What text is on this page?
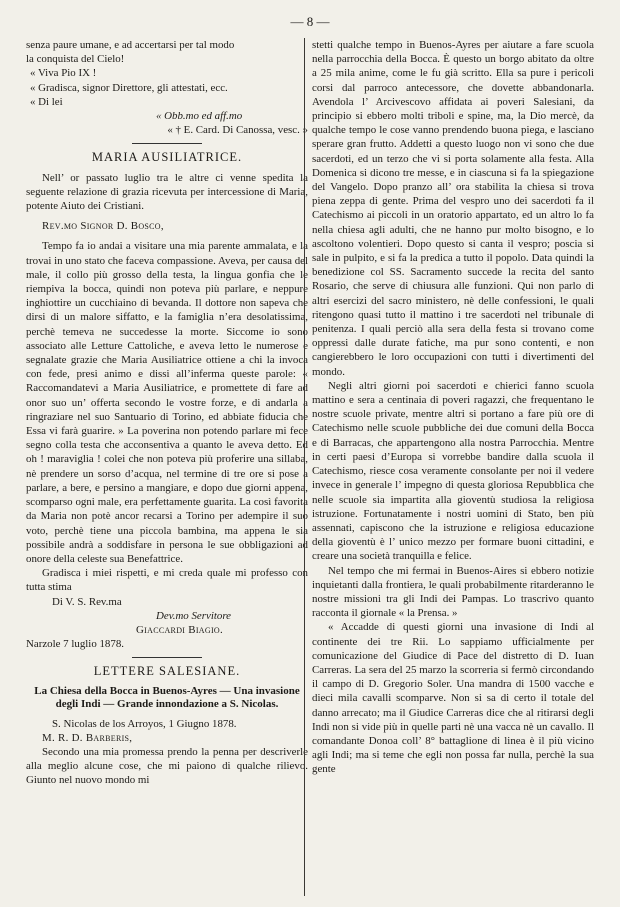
— 8 —

senza paure umane, e ad accertarsi per tal modo

la conquista del Cielo!

« Viva Pio IX !

« Gradisca, signor Direttore, gli attestati, ecc.

« Di lei

« Obb.mo ed aff.mo

« † E. Card. Di Canossa, vesc. »

MARIA AUSILIATRICE.

Nell’ or passato luglio tra le altre ci venne spedita la seguente relazione di grazia ricevuta per intercessione di Maria, potente Aiuto dei Cristiani.

Rev.mo Signor D. Bosco,

Tempo fa io andai a visitare una mia parente ammalata, e la trovai in uno stato che faceva compassione. Aveva, per causa del male, il collo più grosso della testa, la lingua gonfia che le riempiva la bocca, quindi non poteva più parlare, e neppure inghiottire un cucchiaino di bevanda. Il dottore non sapeva che dirsi di un malore siffatto, e la famiglia n’era desolatissima, perchè temeva ne succedesse la morte. Siccome io sono associato alle Letture Cattoliche, e aveva letto le numerose e segnalate grazie che Maria Ausiliatrice ottiene a chi la invoca con fede, presi animo e dissi all’inferma queste parole: « Raccomandatevi a Maria Ausiliatrice, e promettete di fare ad onor suo un’ offerta secondo le vostre forze, e di andarla a ringraziare nel suo Santuario di Torino, ed abbiate fiducia che Essa vi farà guarire. » La poverina non potendo parlare mi fece segno colla testa che acconsentiva a quanto le aveva detto. Ed oh ! maraviglia ! colei che non poteva più proferire una sillaba, nè prendere un sorso d’acqua, nel termine di tre ore si pose a parlare, a bere, e persino a mangiare, e dopo due giorni appena, scomparso ogni male, era perfettamente guarita. La così favorita da Maria non potè ancor recarsi a Torino per adempire il suo voto, perchè tiene una piccola bambina, ma appena le sia possibile andrà a soddisfare in persona le sue obbligazioni ad onore della celeste sua Benefattrice.

Gradisca i miei rispetti, e mi creda quale mi professo con tutta stima

Di V. S. Rev.ma

Dev.mo Servitore

Giaccardi Biagio.

Narzole 7 luglio 1878.

LETTERE SALESIANE.
La Chiesa della Bocca in Buenos-Ayres — Una invasione degli Indi — Grande innondazione a S. Nicolas.

S. Nicolas de los Arroyos, 1 Giugno 1878.

M. R. D. Barberis,

Secondo una mia promessa prendo la penna per descriverle alla meglio alcune cose, che mi paiono di qualche rilievo. Giunto nel nuovo mondo mi

stetti qualche tempo in Buenos-Ayres per aiutare a fare scuola nella parrocchia della Bocca. È questo un borgo abitato da oltre a 25 mila anime, come le fu già scritto. Ella sa pure i pericoli corsi dal parroco antecessore, che dovette abbandonarla. Avendola l’ Arcivescovo affidata ai poveri Salesiani, da principio si ebbero molti triboli e spine, ma, la Dio mercè, da qualche tempo le cose vanno prendendo buona piega, e lasciano sperare gran frutto. Addetti a questo luogo non vi sono che due sacerdoti, ed un terzo che vi si porta solamente alla festa. Alla Domenica si dicono tre messe, e in ciascuna si fa la spiegazione del Vangelo. Dopo pranzo all’ ora stabilita la chiesa si trova piena zeppa di gente. Prima del vespro uno dei sacerdoti fa il Catechismo ai piccoli in un oratorio appartato, ed un altro lo fa nella chiesa agli adulti, che ne hanno pur molto bisogno, e lo ascoltono volentieri. Dopo questo si canta il vespro; poscia si sale in pulpito, e si fa la predica a tutto il popolo. Data quindi la benedizione col SS. Sacramento succede la recita del santo Rosario, che serve di chiusura alle funzioni. Qui non parlo di altri esercizi del sacro ministero, nè delle confessioni, le quali ritengono quasi tutto il mattino i tre sacerdoti nel tribunale di penitenza. I quali perciò alla sera della festa si trovano come oppressi dalle durate fatiche, ma pur sono contenti, e non cangierebbero le loro occupazioni con tutti i divertimenti del mondo.

Negli altri giorni poi sacerdoti e chierici fanno scuola mattino e sera a centinaia di poveri ragazzi, che frequentano le nostre scuole private, mentre altri si portano a fare più ore di Catechismo nelle scuole pubbliche dei due comuni della Bocca e di Barracas, che appartengono alla nostra Parrocchia. Mentre in certi paesi d’Europa si vorrebbe bandire dalla scuola il Catechismo, riesce cosa veramente consolante per noi il vedere invece in generale l’ impegno di questa gloriosa Repubblica che nelle scuole sia impartita alla gioventù studiosa la religiosa istruzione. Fortunatamente i nostri uomini di Stato, ben più assennati, capiscono che la istruzione e religiosa educazione della gioventù è l’ unico mezzo per formare buoni cittadini, e creare una società tranquilla e felice.

Nel tempo che mi fermai in Buenos-Aires si ebbero notizie inquietanti dalla frontiera, le quali probabilmente ritarderanno le nostre missioni tra gli Indi dei Pampas. Lo trascrivo quanto racconta il giornale « la Prensa. »

« Accadde di questi giorni una invasione di Indi al continente dei tre Rii. Lo sappiamo ufficialmente per comunicazione del Giudice di Pace del distretto di D. Iuan Carreras. La sera del 25 marzo la scorreria si fermò circondando il campo di D. Gregorio Soler. Una mandra di 1500 vacche e dieci mila cavalli scomparve. Non si sa di certo il totale del danno arrecato; ma il Giudice Carreras dice che al ritirarsi degli Indi non si vide più in quelle parti nè una vacca nè un cavallo. Il comandante Donoa coll’ 8° battaglione di linea è il più vicino agli Indi; ma si teme che egli non possa far nulla, perchè la sua gente
